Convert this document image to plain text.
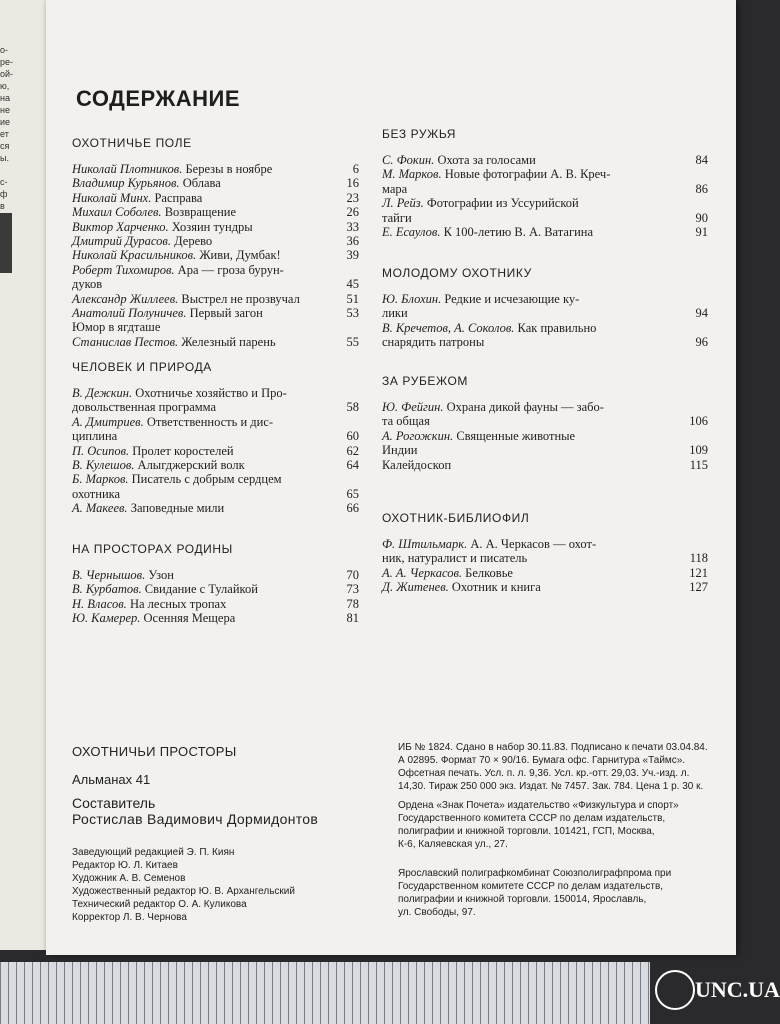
о-
ре-
ой-
ю,
на
не
ие
ет
ся
ы.
с-
ф
в
СОДЕРЖАНИЕ
ОХОТНИЧЬЕ ПОЛЕ
Николай Плотников. Березы в ноябре	6
Владимир Курьянов. Облава	16
Николай Минх. Расправа	23
Михаил Соболев. Возвращение	26
Виктор Харченко. Хозяин тундры	33
Дмитрий Дурасов. Дерево	36
Николай Красильников. Живи, Думбак!	39
Роберт Тихомиров. Ара — гроза бурун-
дуков	45
Александр Жиллеев. Выстрел не прозвучал	51
Анатолий Полуничев. Первый загон	53
Юмор в ягдташе
Станислав Пестов. Железный парень	55
ЧЕЛОВЕК И ПРИРОДА
В. Дежкин. Охотничье хозяйство и Про-
довольственная программа	58
А. Дмитриев. Ответственность и дис-
циплина	60
П. Осипов. Пролет коростелей	62
В. Кулешов. Алыгджерский волк	64
Б. Марков. Писатель с добрым сердцем
охотника	65
А. Макеев. Заповедные мили	66
НА ПРОСТОРАХ РОДИНЫ
В. Чернышов. Узон	70
В. Курбатов. Свидание с Тулайкой	73
Н. Власов. На лесных тропах	78
Ю. Камерер. Осенняя Мещера	81
БЕЗ РУЖЬЯ
С. Фокин. Охота за голосами	84
М. Марков. Новые фотографии А. В. Креч-
мара	86
Л. Рейз. Фотографии из Уссурийской
тайги	90
Е. Есаулов. К 100-летию В. А. Ватагина	91
МОЛОДОМУ ОХОТНИКУ
Ю. Блохин. Редкие и исчезающие ку-
лики	94
В. Кречетов, А. Соколов. Как правильно
снарядить патроны	96
ЗА РУБЕЖОМ
Ю. Фейгин. Охрана дикой фауны — забо-
та общая	106
А. Рогожкин. Священные животные
Индии	109
Калейдоскоп	115
ОХОТНИК-БИБЛИОФИЛ
Ф. Штильмарк. А. А. Черкасов — охот-
ник, натуралист и писатель	118
А. А. Черкасов. Белковье	121
Д. Житенев. Охотник и книга	127
ОХОТНИЧЬИ ПРОСТОРЫ
Альманах 41
Составитель
Ростислав Вадимович Дормидонтов
Заведующий редакцией Э. П. Киян
Редактор Ю. Л. Китаев
Художник А. В. Семенов
Художественный редактор Ю. В. Архангельский
Технический редактор О. А. Куликова
Корректор Л. В. Чернова
ИБ № 1824. Сдано в набор 30.11.83. Подписано к печати 03.04.84.
А 02895. Формат 70 × 90/16. Бумага офс. Гарнитура «Таймс».
Офсетная печать. Усл. п. л. 9,36. Усл. кр.-отт. 29,03. Уч.-изд. л.
14,30. Тираж 250 000 экз. Издат. № 7457. Зак. 784. Цена 1 р. 30 к.
Ордена «Знак Почета» издательство «Физкультура и спорт»
Государственного комитета СССР по делам издательств,
полиграфии и книжной торговли. 101421, ГСП, Москва,
К-6, Каляевская ул., 27.
Ярославский полиграфкомбинат Союзполиграфпрома при
Государственном комитете СССР по делам издательств,
полиграфии и книжной торговли. 150014, Ярославль,
ул. Свободы, 97.
UNC.UA
